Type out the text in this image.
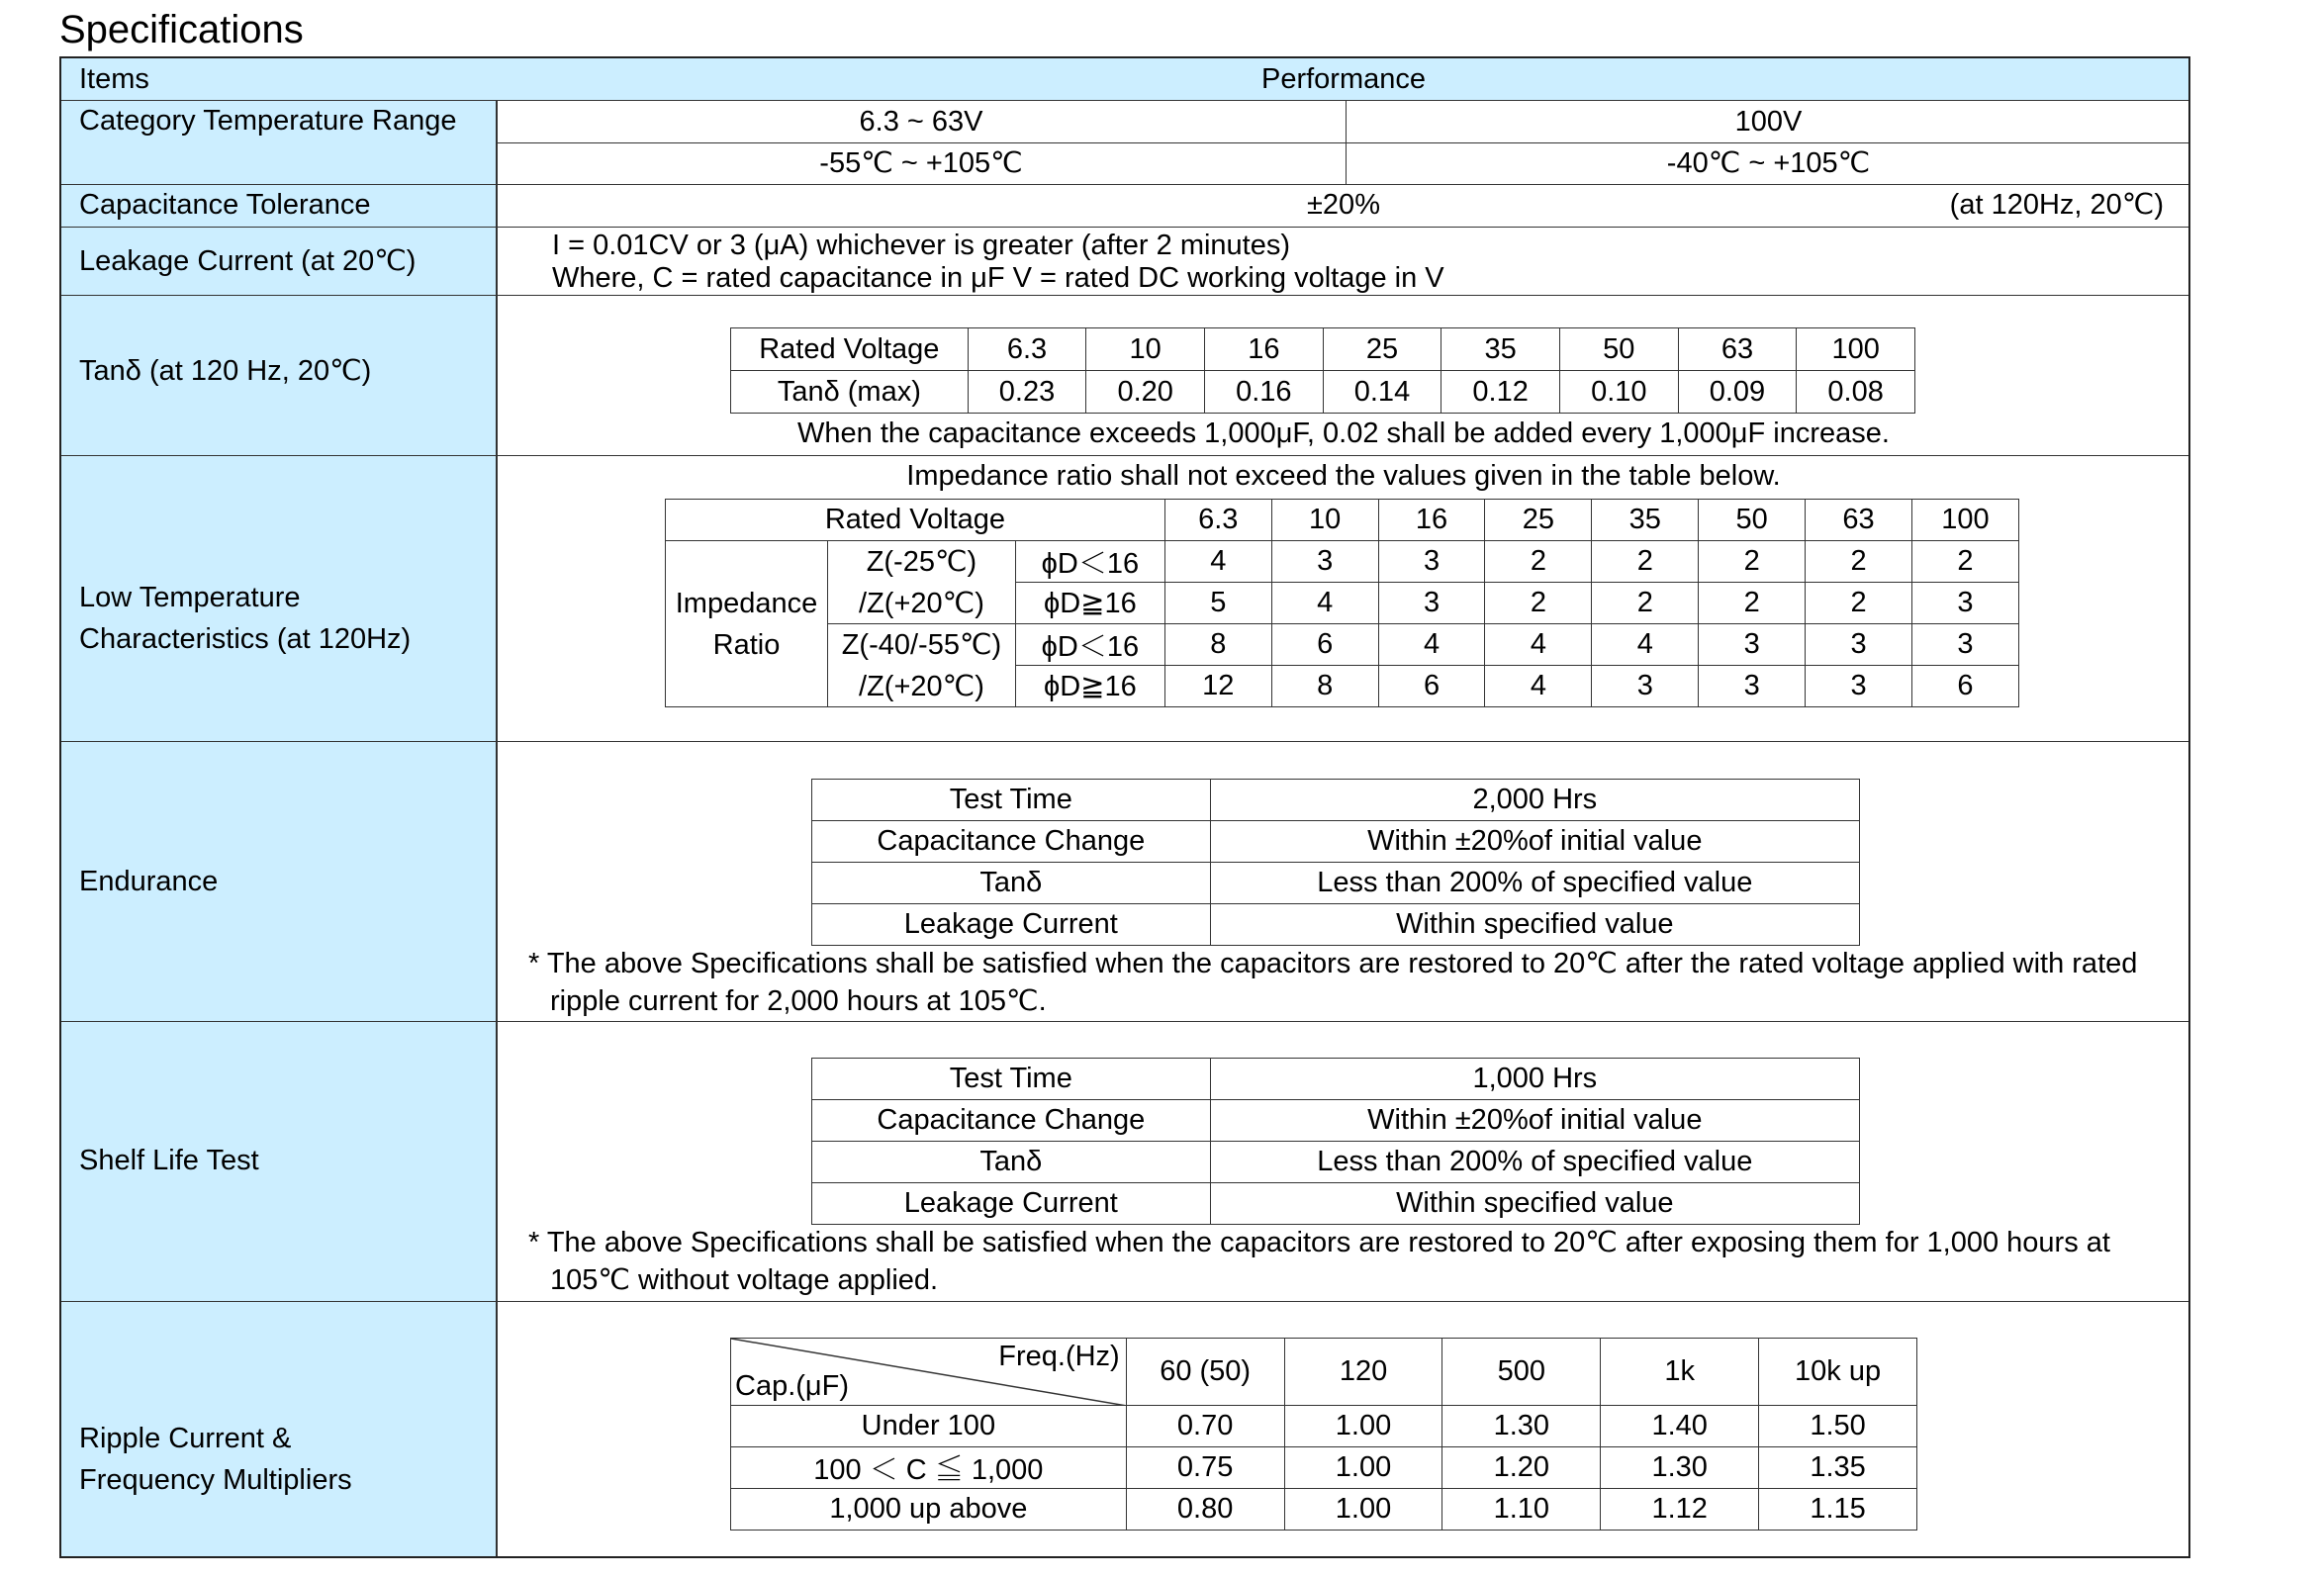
Specifications
Items	Performance
Category Temperature Range	6.3 ~ 63V	100V
-55℃ ~ +105℃	-40℃ ~ +105℃
Capacitance Tolerance	±20%	(at 120Hz, 20℃)
Leakage Current (at 20℃)	I = 0.01CV or 3 (μA) whichever is greater (after 2 minutes)
Where, C = rated capacitance in μF V = rated DC working voltage in V
Tanδ (at 120 Hz, 20℃)
Rated Voltage	6.3	10	16	25	35	50	63	100
Tanδ (max)	0.23	0.20	0.16	0.14	0.12	0.10	0.09	0.08
When the capacitance exceeds 1,000μF, 0.02 shall be added every 1,000μF increase.
Low Temperature
Characteristics (at 120Hz)
Impedance ratio shall not exceed the values given in the table below.
Rated Voltage			6.3	10	16	25	35	50	63	100

Impedance
Ratio	Z(-25℃)	ϕD＜16	4	3	3	2	2	2	2	2
	/Z(+20℃)	ϕD≧16	5	4	3	2	2	2	2	3
	Z(-40/-55℃)	ϕD＜16	8	6	4	4	4	3	3	3
	/Z(+20℃)	ϕD≧16	12	8	6	4	3	3	3	6
Endurance
Test Time	2,000 Hrs
Capacitance Change	Within ±20%of initial value
Tanδ	Less than 200% of specified value
Leakage Current	Within specified value
* The above Specifications shall be satisfied when the capacitors are restored to 20℃ after the rated voltage applied with rated
ripple current for 2,000 hours at 105℃.
Shelf Life Test
Test Time	1,000 Hrs
Capacitance Change	Within ±20%of initial value
Tanδ	Less than 200% of specified value
Leakage Current	Within specified value
* The above Specifications shall be satisfied when the capacitors are restored to 20℃ after exposing them for 1,000 hours at
105℃ without voltage applied.
Ripple Current &
Frequency Multipliers
Freq.(Hz)
Cap.(μF)	60 (50)	120	500	1k	10k up
Under 100	0.70	1.00	1.30	1.40	1.50
100 ＜ C ≦ 1,000	0.75	1.00	1.20	1.30	1.35
1,000 up above	0.80	1.00	1.10	1.12	1.15
